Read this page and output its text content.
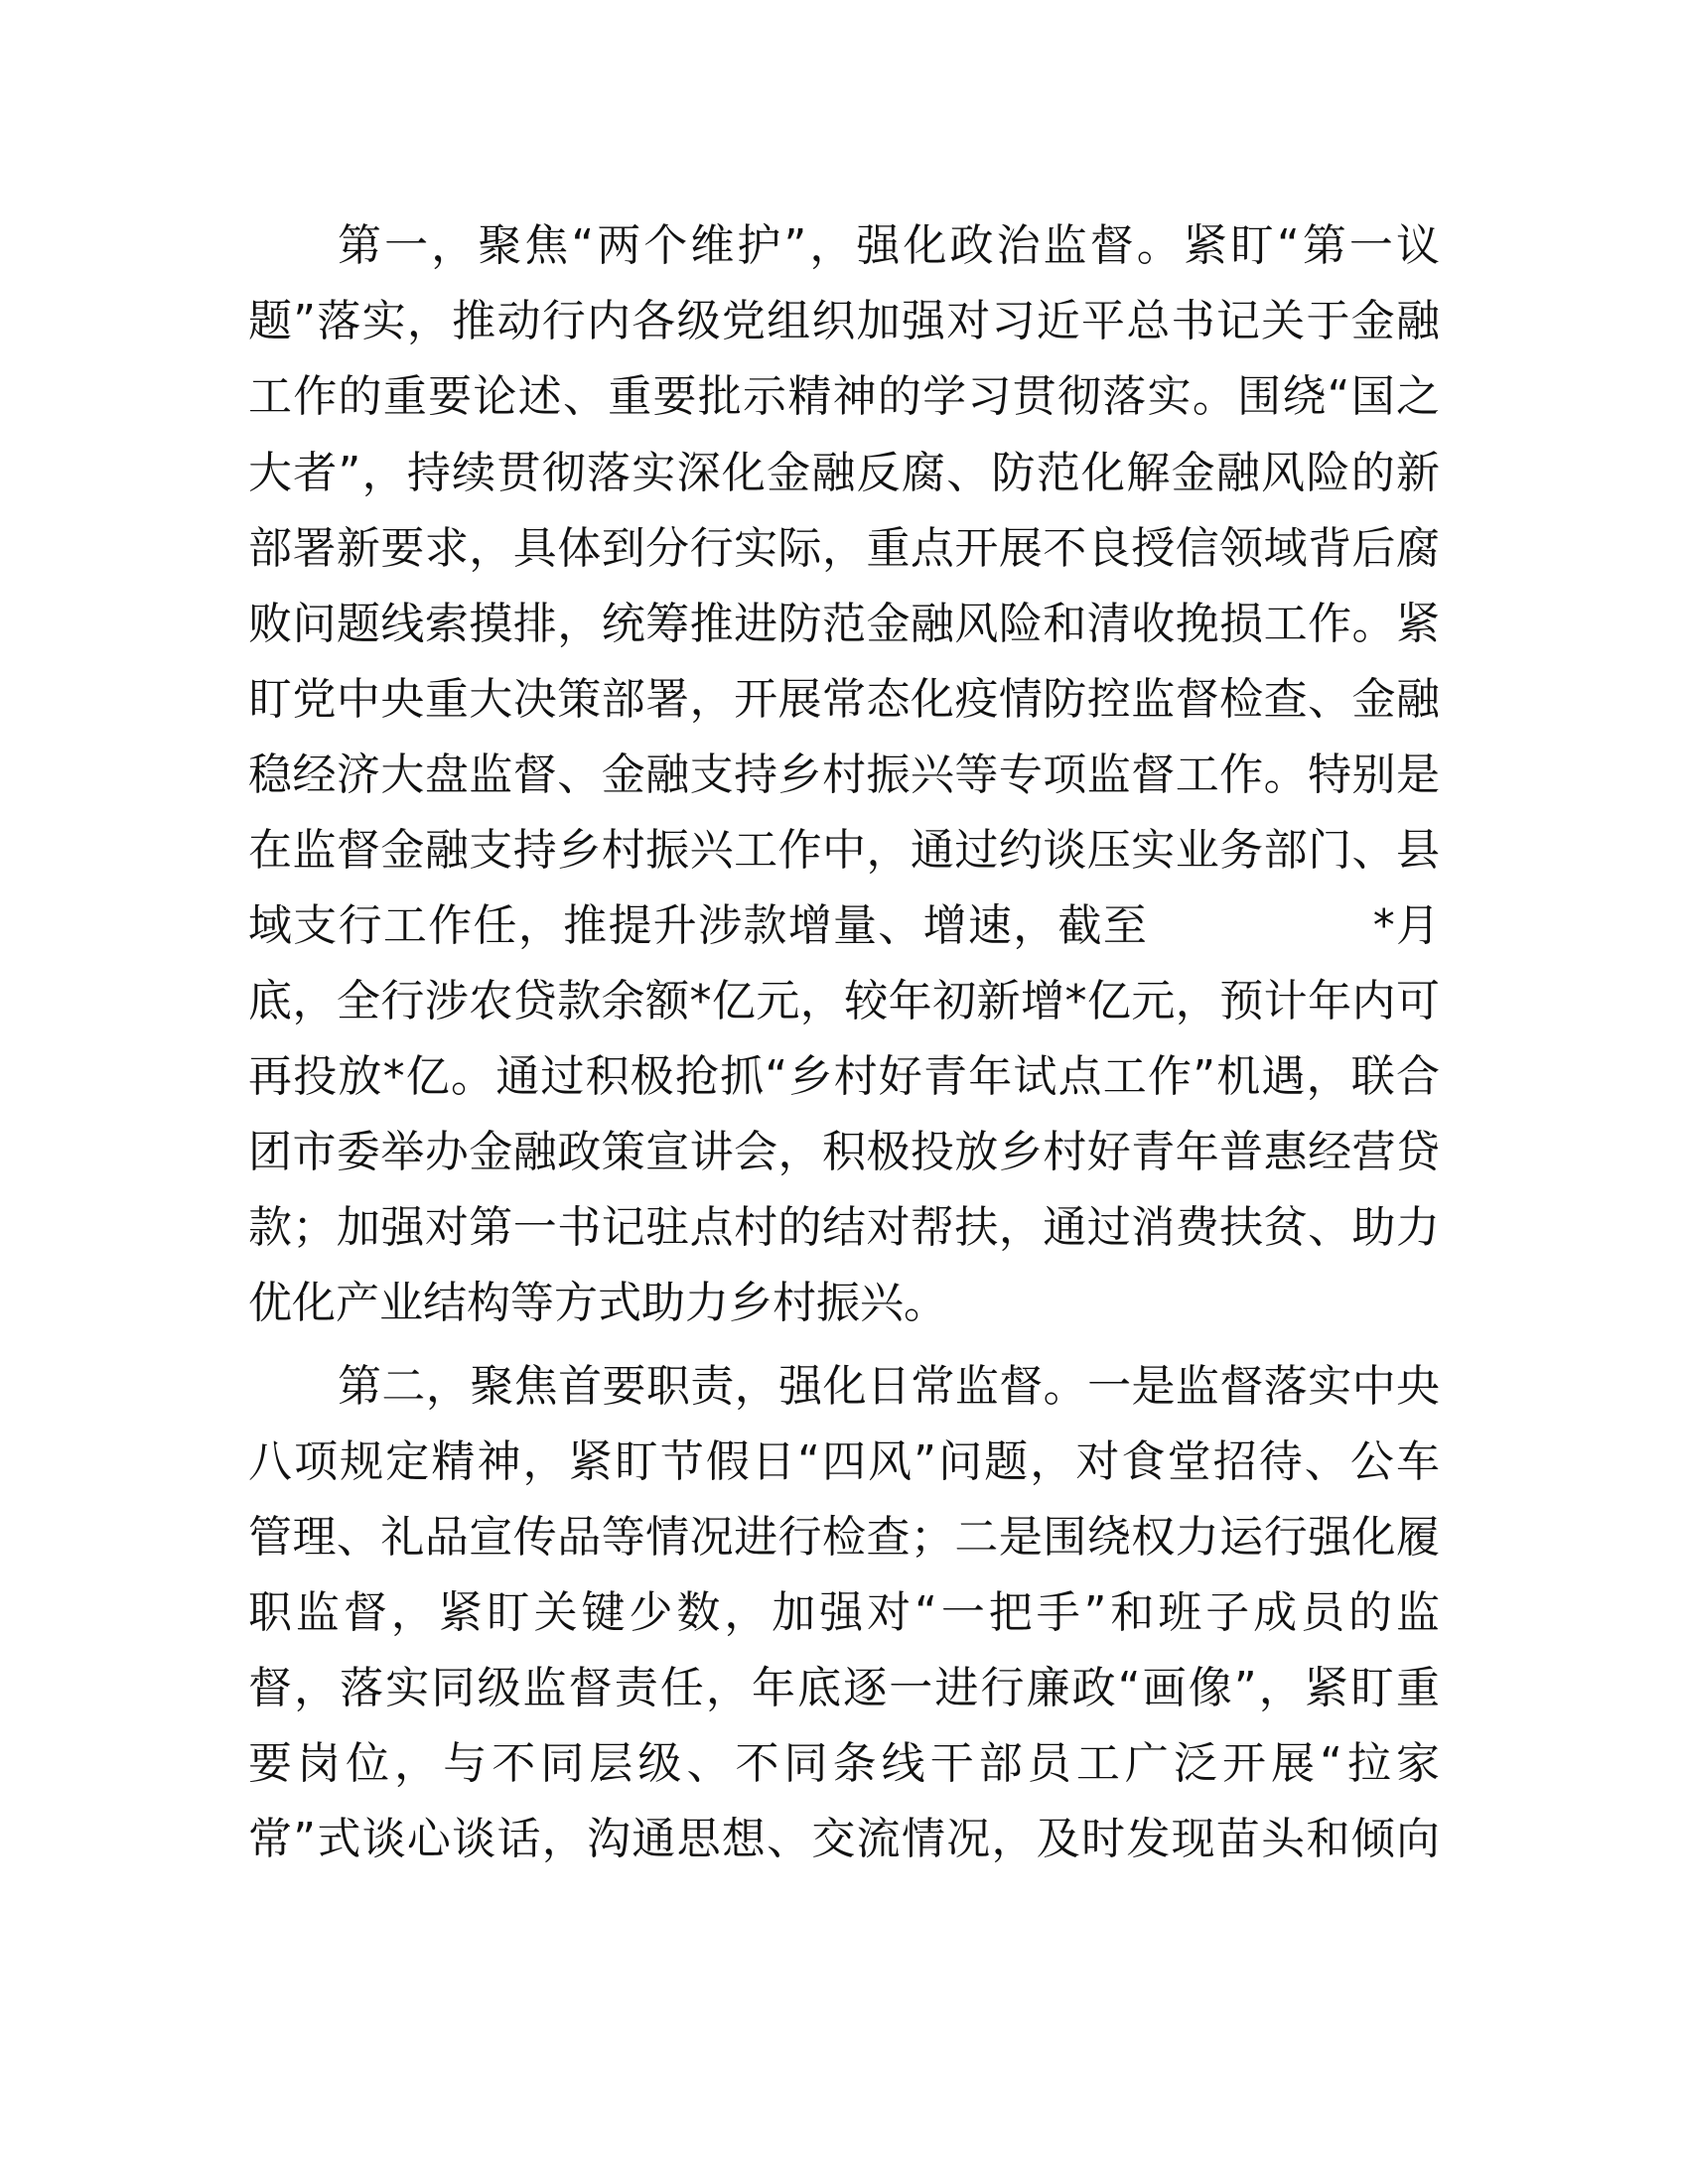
第一，聚焦“两个维护”，强化政治监督。紧盯“第一议
题”落实，推动行内各级党组织加强对习近平总书记关于金融
工作的重要论述、重要批示精神的学习贯彻落实。围绕“国之
大者”，持续贯彻落实深化金融反腐、防范化解金融风险的新
部署新要求，具体到分行实际，重点开展不良授信领域背后腐
败问题线索摸排，统筹推进防范金融风险和清收挽损工作。紧
盯党中央重大决策部署，开展常态化疫情防控监督检查、金融
稳经济大盘监督、金融支持乡村振兴等专项监督工作。特别是
在监督金融支持乡村振兴工作中，通过约谈压实业务部门、县
域支行工作任，推提升涉款增量、增速，截至　　　　　*月
底，全行涉农贷款余额*亿元，较年初新增*亿元，预计年内可
再投放*亿。通过积极抢抓“乡村好青年试点工作”机遇，联合
团市委举办金融政策宣讲会，积极投放乡村好青年普惠经营贷
款；加强对第一书记驻点村的结对帮扶，通过消费扶贫、助力
优化产业结构等方式助力乡村振兴。
第二，聚焦首要职责，强化日常监督。一是监督落实中央
八项规定精神，紧盯节假日“四风”问题，对食堂招待、公车
管理、礼品宣传品等情况进行检查；二是围绕权力运行强化履
职监督，紧盯关键少数，加强对“一把手”和班子成员的监
督，落实同级监督责任，年底逐一进行廉政“画像”，紧盯重
要岗位，与不同层级、不同条线干部员工广泛开展“拉家
常”式谈心谈话，沟通思想、交流情况，及时发现苗头和倾向
